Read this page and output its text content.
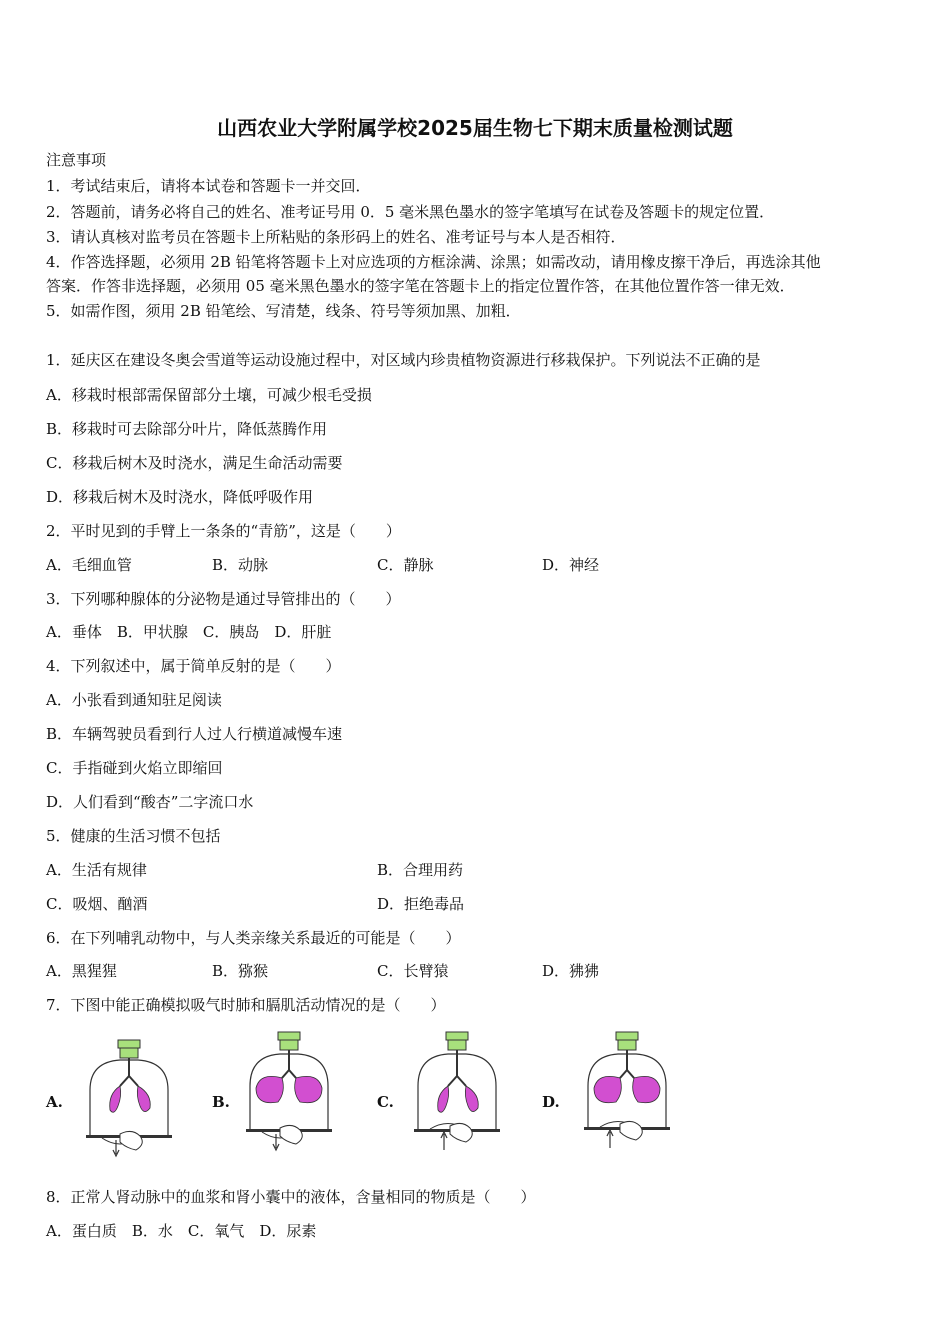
山西农业大学附属学校2025届生物七下期末质量检测试题
注意事项
1．考试结束后，请将本试卷和答题卡一并交回．
2．答题前，请务必将自己的姓名、准考证号用 0．5 毫米黑色墨水的签字笔填写在试卷及答题卡的规定位置．
3．请认真核对监考员在答题卡上所粘贴的条形码上的姓名、准考证号与本人是否相符．
4．作答选择题，必须用 2B 铅笔将答题卡上对应选项的方框涂满、涂黑；如需改动，请用橡皮擦干净后，再选涂其他
答案．作答非选择题，必须用 05 毫米黑色墨水的签字笔在答题卡上的指定位置作答，在其他位置作答一律无效．
5．如需作图，须用 2B 铅笔绘、写清楚，线条、符号等须加黑、加粗．
1．延庆区在建设冬奥会雪道等运动设施过程中，对区域内珍贵植物资源进行移栽保护。下列说法不正确的是
A．移栽时根部需保留部分土壤，可减少根毛受损
B．移栽时可去除部分叶片，降低蒸腾作用
C．移栽后树木及时浇水，满足生命活动需要
D．移栽后树木及时浇水，降低呼吸作用
2．平时见到的手臂上一条条的“青筋”，这是（　　）
A．毛细血管	B．动脉	C．静脉	D．神经
3．下列哪种腺体的分泌物是通过导管排出的（　　）
A．垂体　B．甲状腺　C．胰岛　D．肝脏
4．下列叙述中，属于简单反射的是（　　）
A．小张看到通知驻足阅读
B．车辆驾驶员看到行人过人行横道减慢车速
C．手指碰到火焰立即缩回
D．人们看到“酸杏”二字流口水
5．健康的生活习惯不包括
A．生活有规律	B．合理用药
C．吸烟、酗酒	D．拒绝毒品
6．在下列哺乳动物中，与人类亲缘关系最近的可能是（　　）
A．黑猩猩	B．猕猴	C．长臂猿	D．狒狒
7．下图中能正确模拟吸气时肺和膈肌活动情况的是（　　）
A.	B.	C.	D.
8．正常人肾动脉中的血浆和肾小囊中的液体，含量相同的物质是（　　）
A．蛋白质　B．水　C．氧气　D．尿素
